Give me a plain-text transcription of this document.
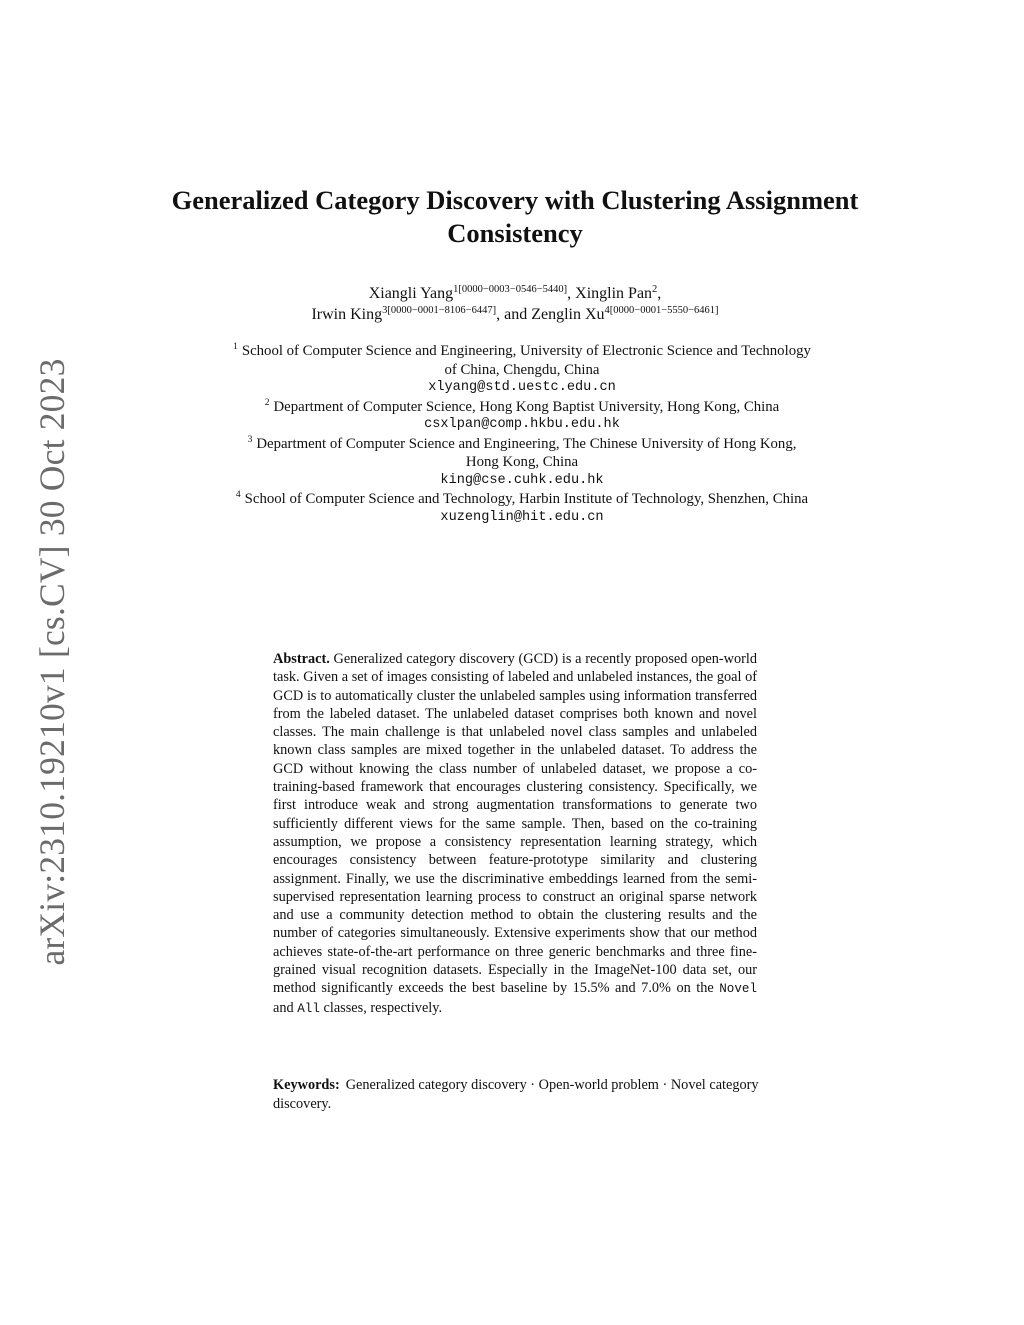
arXiv:2310.19210v1 [cs.CV] 30 Oct 2023
Generalized Category Discovery with Clustering Assignment Consistency
Xiangli Yang$^{1[0000-0003-0546-5440]}$, Xinglin Pan$^2$,
Irwin King$^{3[0000-0001-8106-6447]}$, and Zenglin $Xu^{4[0000-0001-5550-6461]}$
$^1$ School of Computer Science and Engineering, University of Electronic Science and Technology of China, Chengdu, China
xlyang@std.uestc.edu.cn
$^2$ Department of Computer Science, Hong Kong Baptist University, Hong Kong, China
csxlpan@comp.hkbu.edu.hk
$^3$ Department of Computer Science and Engineering, The Chinese University of Hong Kong, Hong Kong, China
king@cse.cuhk.edu.hk
$^4$ School of Computer Science and Technology, Harbin Institute of Technology, Shenzhen, China
xuzenglin@hit.edu.cn
Abstract. Generalized category discovery (GCD) is a recently proposed open-world task. Given a set of images consisting of labeled and unlabeled instances, the goal of GCD is to automatically cluster the unlabeled samples using information transferred from the labeled dataset. The unlabeled dataset comprises both known and novel classes. The main challenge is that unlabeled novel class samples and unlabeled known class samples are mixed together in the unlabeled dataset. To address the GCD without knowing the class number of unlabeled dataset, we propose a co-training-based framework that encourages clustering consistency. Specifically, we first introduce weak and strong augmentation transformations to generate two sufficiently different views for the same sample. Then, based on the co-training assumption, we propose a consistency representation learning strategy, which encourages consistency between feature-prototype similarity and clustering assignment. Finally, we use the discriminative embeddings learned from the semi-supervised representation learning process to construct an original sparse network and use a community detection method to obtain the clustering results and the number of categories simultaneously. Extensive experiments show that our method achieves state-of-the-art performance on three generic benchmarks and three fine-grained visual recognition datasets. Especially in the ImageNet-100 data set, our method significantly exceeds the best baseline by 15.5% and 7.0% on the Novel and All classes, respectively.
Keywords: Generalized category discovery · Open-world problem · Novel category discovery.
